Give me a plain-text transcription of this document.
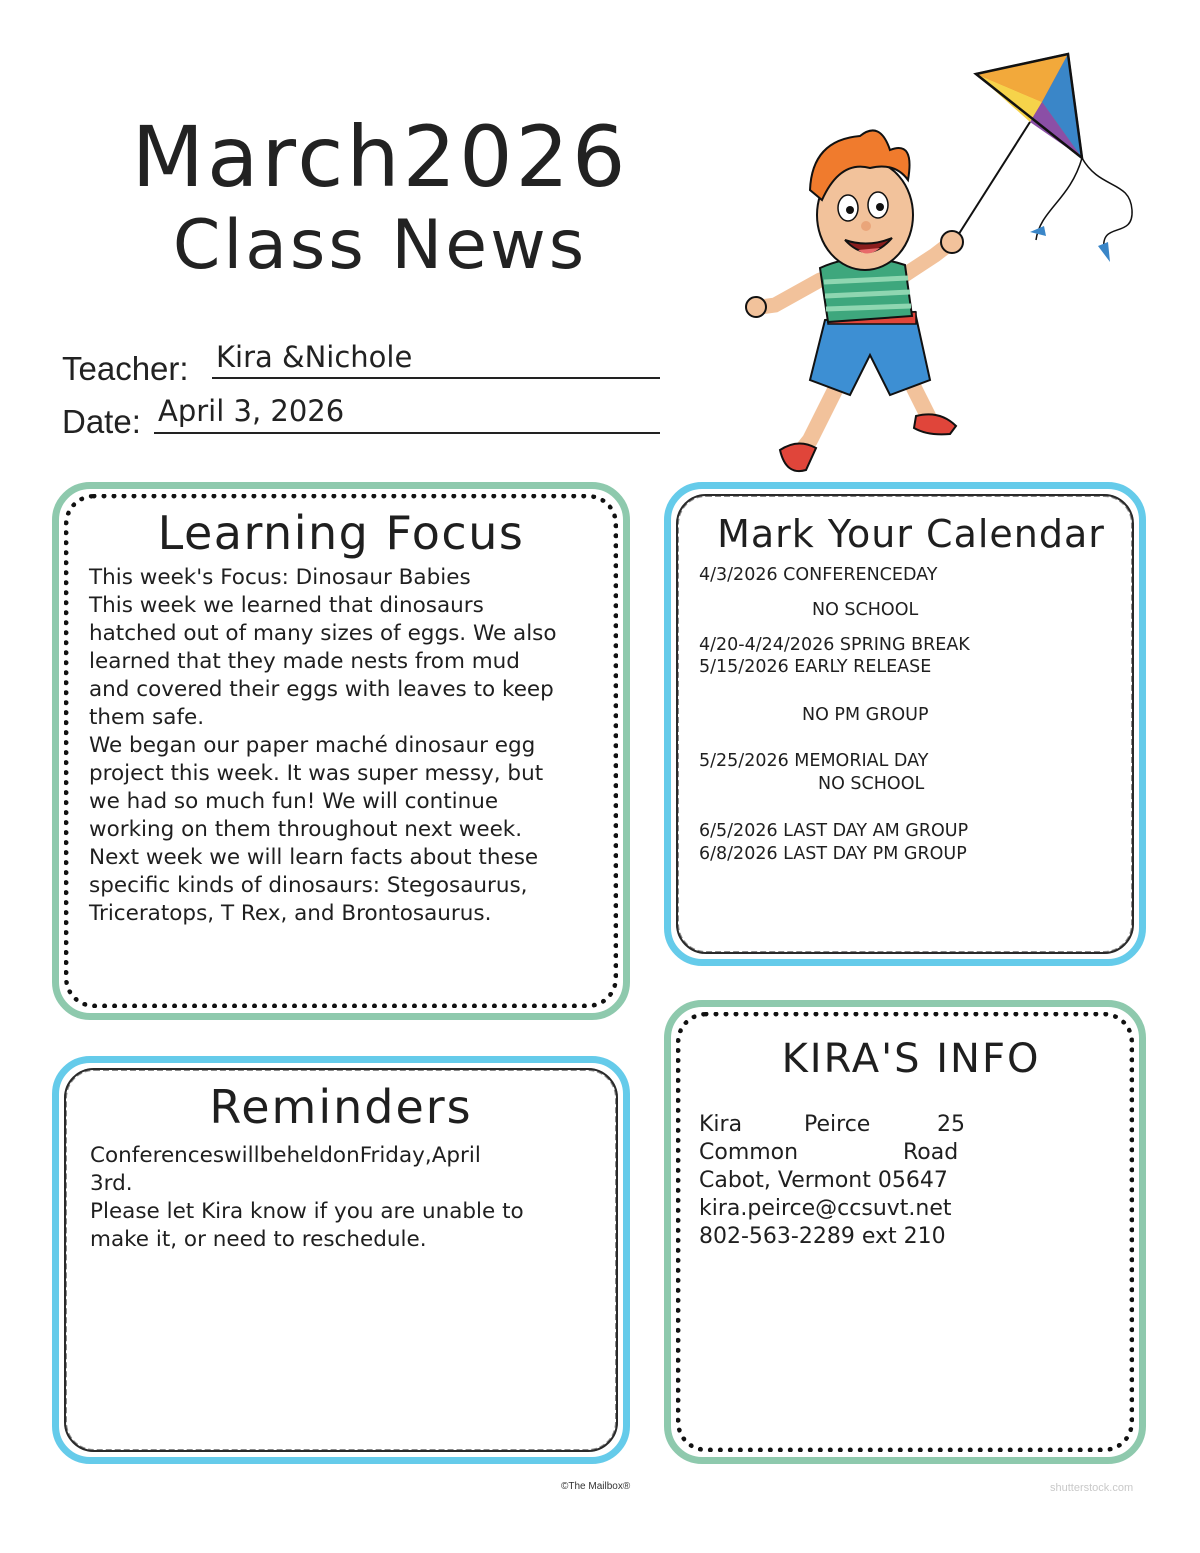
March2026
Class News
Teacher: Kira &Nichole
Date: April 3, 2026
Learning Focus
This week's Focus: Dinosaur Babies
This week we learned that dinosaurs
hatched out of many sizes of eggs. We also
learned that they made nests from mud
and covered their eggs with leaves to keep
them safe.
We began our paper maché dinosaur egg
project this week. It was super messy, but
we had so much fun! We will continue
working on them throughout next week.
Next week we will learn facts about these
specific kinds of dinosaurs: Stegosaurus,
Triceratops, T Rex, and Brontosaurus.
Mark Your Calendar
4/3/2026 CONFERENCEDAY
NO SCHOOL
4/20-4/24/2026 SPRING BREAK
5/15/2026 EARLY RELEASE
NO PM GROUP
5/25/2026 MEMORIAL DAY
NO SCHOOL
6/5/2026 LAST DAY AM GROUP
6/8/2026 LAST DAY PM GROUP
Reminders
ConferenceswillbeheldonFriday,April
3rd.
Please let Kira know if you are unable to
make it, or need to reschedule.
KIRA'S INFO
Kira	Peirce	25
Common	Road
Cabot, Vermont 05647
kira.peirce@ccsuvt.net
802-563-2289 ext 210
©The Mailbox®	shutterstock.com
